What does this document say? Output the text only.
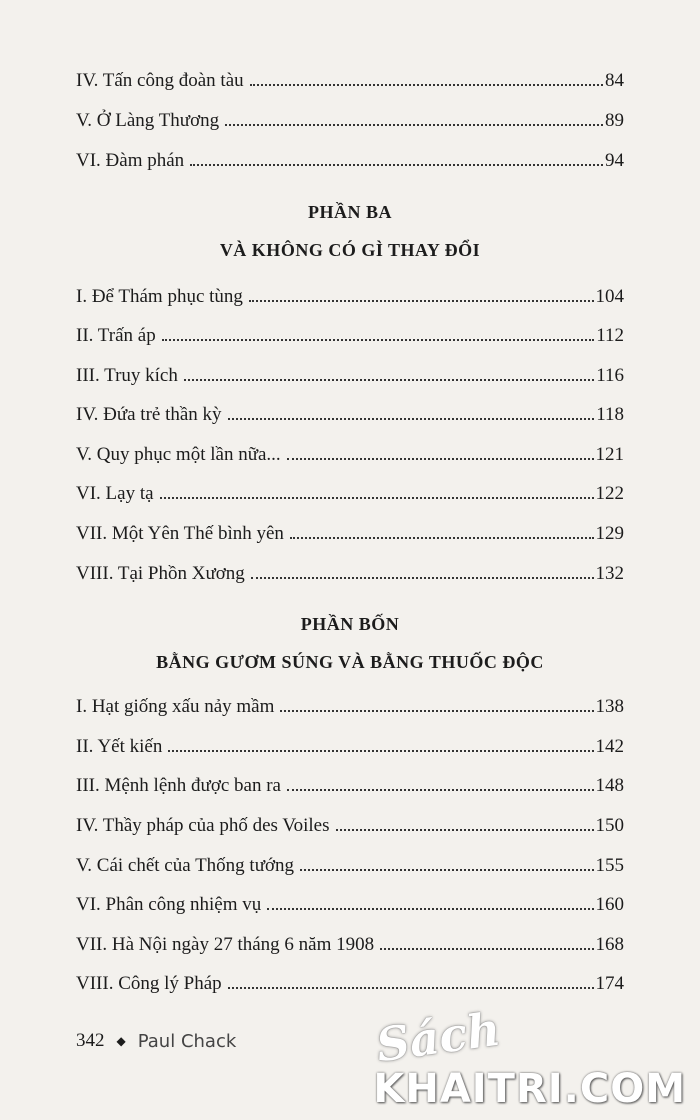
IV. Tấn công đoàn tàu	84
V. Ở Làng Thương	89
VI. Đàm phán	94
PHẦN BA
VÀ KHÔNG CÓ GÌ THAY ĐỔI
I. Để Thám phục tùng	104
II. Trấn áp	112
III. Truy kích	116
IV. Đứa trẻ thần kỳ	118
V. Quy phục một lần nữa...	121
VI. Lạy tạ	122
VII. Một Yên Thế bình yên	129
VIII. Tại Phồn Xương	132
PHẦN BỐN
BẰNG GƯƠM SÚNG VÀ BẰNG THUỐC ĐỘC
I. Hạt giống xấu nảy mầm	138
II. Yết kiến	142
III. Mệnh lệnh được ban ra	148
IV. Thầy pháp của phố des Voiles	150
V. Cái chết của Thống tướng	155
VI. Phân công nhiệm vụ	160
VII. Hà Nội ngày 27 tháng 6 năm 1908	168
VIII. Công lý Pháp	174
342 ◆ Paul Chack	Sách
KHAITRI.COM
